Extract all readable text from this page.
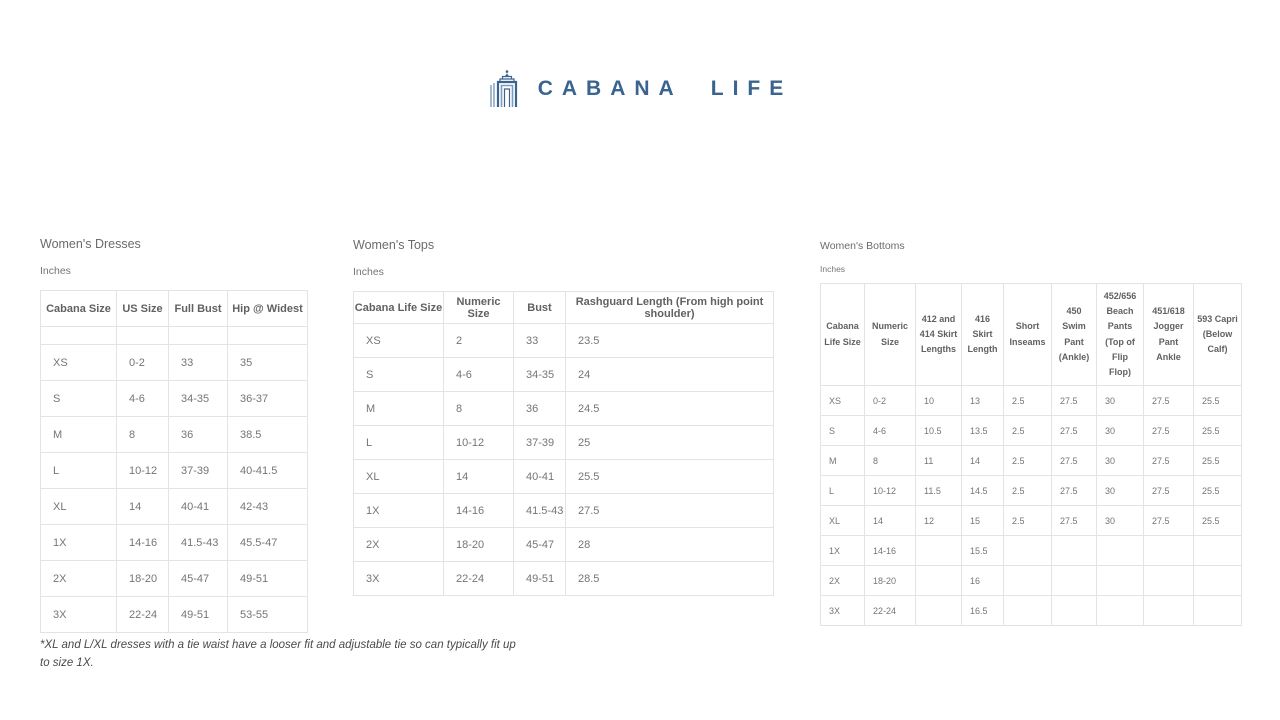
CABANA LIFE
Women's Dresses
Inches
Cabana Size	US Size	Full Bust	Hip @ Widest

XS	0-2	33	35
S	4-6	34-35	36-37
M	8	36	38.5
L	10-12	37-39	40-41.5
XL	14	40-41	42-43
1X	14-16	41.5-43	45.5-47
2X	18-20	45-47	49-51
3X	22-24	49-51	53-55
Women's Tops
Inches
Cabana Life Size	Numeric Size	Bust	Rashguard Length (From high point shoulder)
XS	2	33	23.5
S	4-6	34-35	24
M	8	36	24.5
L	10-12	37-39	25
XL	14	40-41	25.5
1X	14-16	41.5-43	27.5
2X	18-20	45-47	28
3X	22-24	49-51	28.5
Women's Bottoms
Inches
Cabana Life Size	Numeric Size	412 and 414 Skirt Lengths	416 Skirt Length	Short Inseams	450 Swim Pant (Ankle)	452/656 Beach Pants (Top of Flip Flop)	451/618 Jogger Pant Ankle	593 Capri (Below Calf)
XS	0-2	10	13	2.5	27.5	30	27.5	25.5
S	4-6	10.5	13.5	2.5	27.5	30	27.5	25.5
M	8	11	14	2.5	27.5	30	27.5	25.5
L	10-12	11.5	14.5	2.5	27.5	30	27.5	25.5
XL	14	12	15	2.5	27.5	30	27.5	25.5
1X	14-16		15.5					
2X	18-20		16					
3X	22-24		16.5					
*XL and L/XL dresses with a tie waist have a looser fit and adjustable tie so can typically fit up to size 1X.
